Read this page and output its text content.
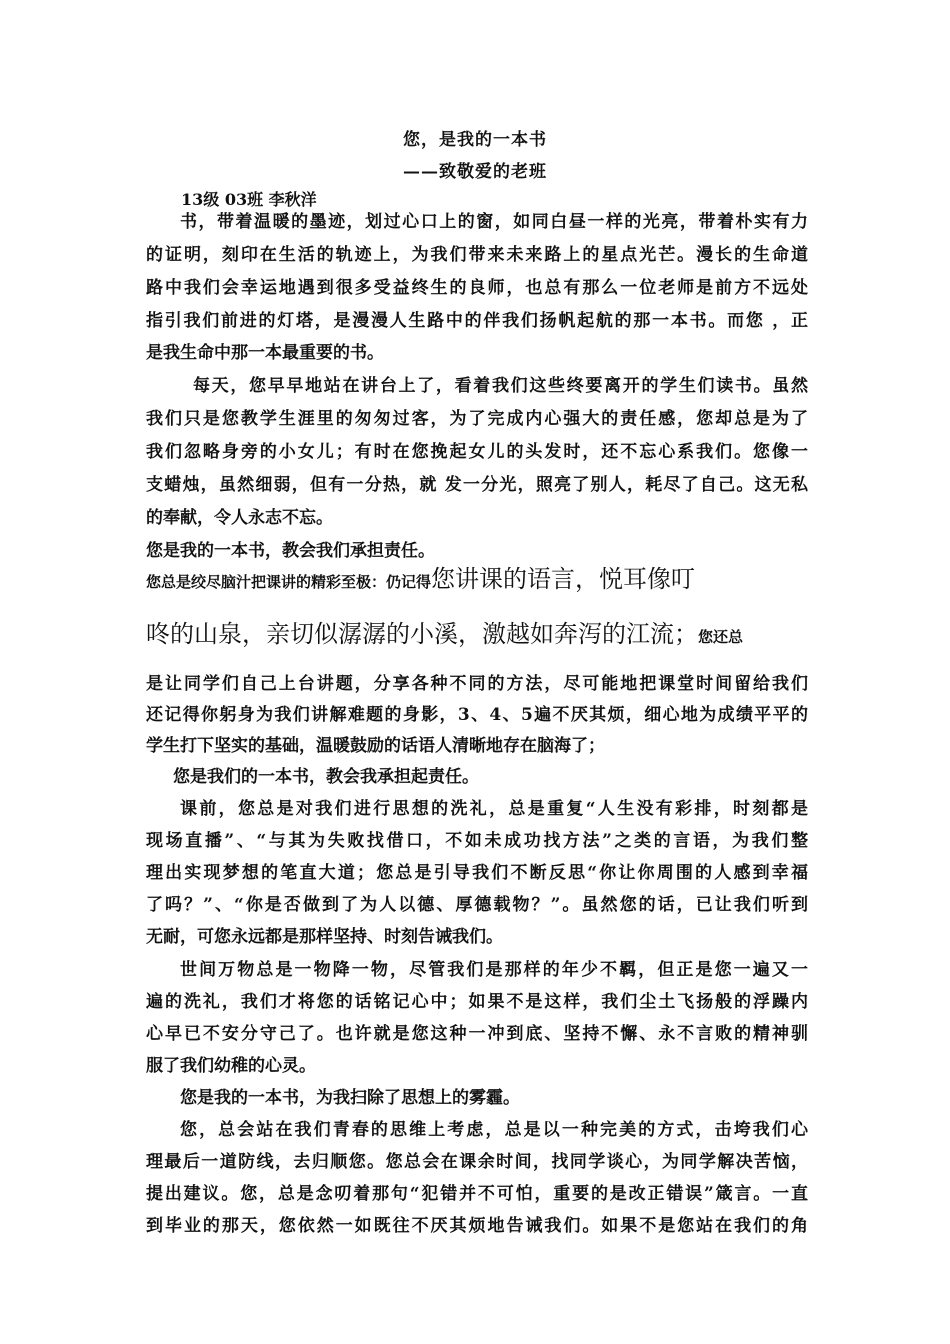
您，是我的一本书
——致敬爱的老班
13级 03班 李秋洋
书，带着温暖的墨迹，划过心口上的窗，如同白昼一样的光亮，带着朴实有力
的证明，刻印在生活的轨迹上，为我们带来未来路上的星点光芒。漫长的生命道
路中我们会幸运地遇到很多受益终生的良师，也总有那么一位老师是前方不远处
指引我们前进的灯塔，是漫漫人生路中的伴我们扬帆起航的那一本书。而您 ，正
是我生命中那一本最重要的书。
每天，您早早地站在讲台上了，看着我们这些终要离开的学生们读书。虽然
我们只是您教学生涯里的匆匆过客，为了完成内心强大的责任感，您却总是为了
我们忽略身旁的小女儿；有时在您挽起女儿的头发时，还不忘心系我们。您像一
支蜡烛，虽然细弱，但有一分热，就 发一分光，照亮了别人，耗尽了自己。这无私
的奉献，令人永志不忘。
您是我的一本书，教会我们承担责任。
您总是绞尽脑汁把课讲的精彩至极：仍记得您讲课的语言，悦耳像叮
咚的山泉，亲切似潺潺的小溪，激越如奔泻的江流；您还总
是让同学们自己上台讲题，分享各种不同的方法，尽可能地把课堂时间留给我们
还记得你躬身为我们讲解难题的身影，3、4、5遍不厌其烦，细心地为成绩平平的
学生打下坚实的基础，温暖鼓励的话语人清晰地存在脑海了；
您是我们的一本书，教会我承担起责任。
课前，您总是对我们进行思想的洗礼，总是重复“人生没有彩排，时刻都是
现场直播”、“与其为失败找借口，不如未成功找方法”之类的言语，为我们整
理出实现梦想的笔直大道；您总是引导我们不断反思“你让你周围的人感到幸福
了吗？”、“你是否做到了为人以德、厚德载物？”。虽然您的话，已让我们听到
无耐，可您永远都是那样坚持、时刻告诫我们。
世间万物总是一物降一物，尽管我们是那样的年少不羁，但正是您一遍又一
遍的洗礼，我们才将您的话铭记心中；如果不是这样，我们尘土飞扬般的浮躁内
心早已不安分守己了。也许就是您这种一冲到底、坚持不懈、永不言败的精神驯
服了我们幼稚的心灵。
您是我的一本书，为我扫除了思想上的雾霾。
您，总会站在我们青春的思维上考虑，总是以一种完美的方式，击垮我们心
理最后一道防线，去归顺您。您总会在课余时间，找同学谈心，为同学解决苦恼，
提出建议。您，总是念叨着那句“犯错并不可怕，重要的是改正错误”箴言。一直
到毕业的那天，您依然一如既往不厌其烦地告诫我们。如果不是您站在我们的角
